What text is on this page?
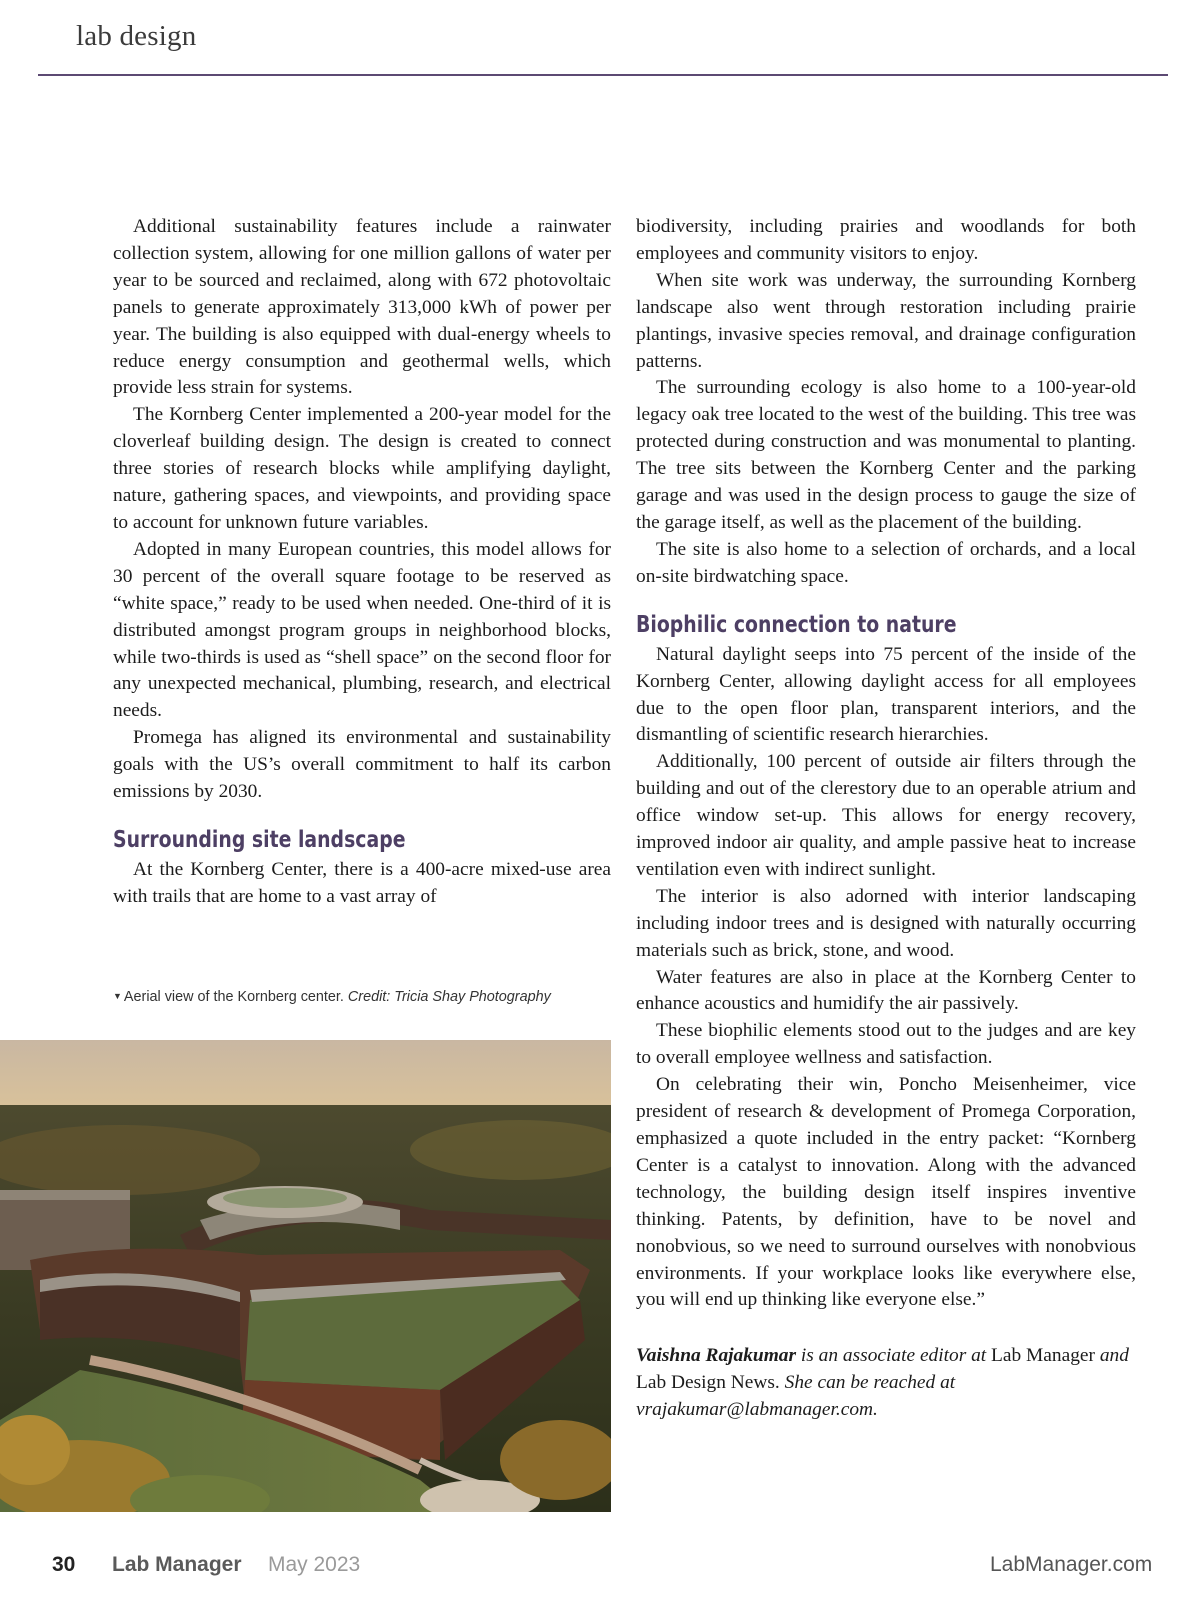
lab design

Additional sustainability features include a rainwater collection system, allowing for one million gallons of water per year to be sourced and reclaimed, along with 672 photovoltaic panels to generate approximately 313,000 kWh of power per year. The building is also equipped with dual-energy wheels to reduce energy consumption and geothermal wells, which provide less strain for systems.

The Kornberg Center implemented a 200-year model for the cloverleaf building design. The design is created to connect three stories of research blocks while amplifying daylight, nature, gathering spaces, and viewpoints, and providing space to account for unknown future variables.

Adopted in many European countries, this model allows for 30 percent of the overall square footage to be reserved as “white space,” ready to be used when needed. One-third of it is distributed amongst program groups in neighborhood blocks, while two-thirds is used as “shell space” on the second floor for any unexpected mechanical, plumbing, research, and electrical needs.

Promega has aligned its environmental and sustainability goals with the US’s overall commitment to half its carbon emissions by 2030.

Surrounding site landscape

At the Kornberg Center, there is a 400-acre mixed-use area with trails that are home to a vast array of

▼ Aerial view of the Kornberg center. Credit: Tricia Shay Photography

biodiversity, including prairies and woodlands for both employees and community visitors to enjoy.

When site work was underway, the surrounding Kornberg landscape also went through restoration including prairie plantings, invasive species removal, and drainage configuration patterns.

The surrounding ecology is also home to a 100-year-old legacy oak tree located to the west of the building. This tree was protected during construction and was monumental to planting. The tree sits between the Kornberg Center and the parking garage and was used in the design process to gauge the size of the garage itself, as well as the placement of the building.

The site is also home to a selection of orchards, and a local on-site birdwatching space.

Biophilic connection to nature

Natural daylight seeps into 75 percent of the inside of the Kornberg Center, allowing daylight access for all employees due to the open floor plan, transparent interiors, and the dismantling of scientific research hierarchies.

Additionally, 100 percent of outside air filters through the building and out of the clerestory due to an operable atrium and office window set-up. This allows for energy recovery, improved indoor air quality, and ample passive heat to increase ventilation even with indirect sunlight.

The interior is also adorned with interior landscaping including indoor trees and is designed with naturally occurring materials such as brick, stone, and wood.

Water features are also in place at the Kornberg Center to enhance acoustics and humidify the air passively.

These biophilic elements stood out to the judges and are key to overall employee wellness and satisfaction.

On celebrating their win, Poncho Meisenheimer, vice president of research & development of Promega Corporation, emphasized a quote included in the entry packet: “Kornberg Center is a catalyst to innovation. Along with the advanced technology, the building design itself inspires inventive thinking. Patents, by definition, have to be novel and nonobvious, so we need to surround ourselves with nonobvious environments. If your workplace looks like everywhere else, you will end up thinking like everyone else.”

Vaishna Rajakumar is an associate editor at Lab Manager and Lab Design News. She can be reached at vrajakumar@labmanager.com.

30 Lab Manager May 2023	LabManager.com
